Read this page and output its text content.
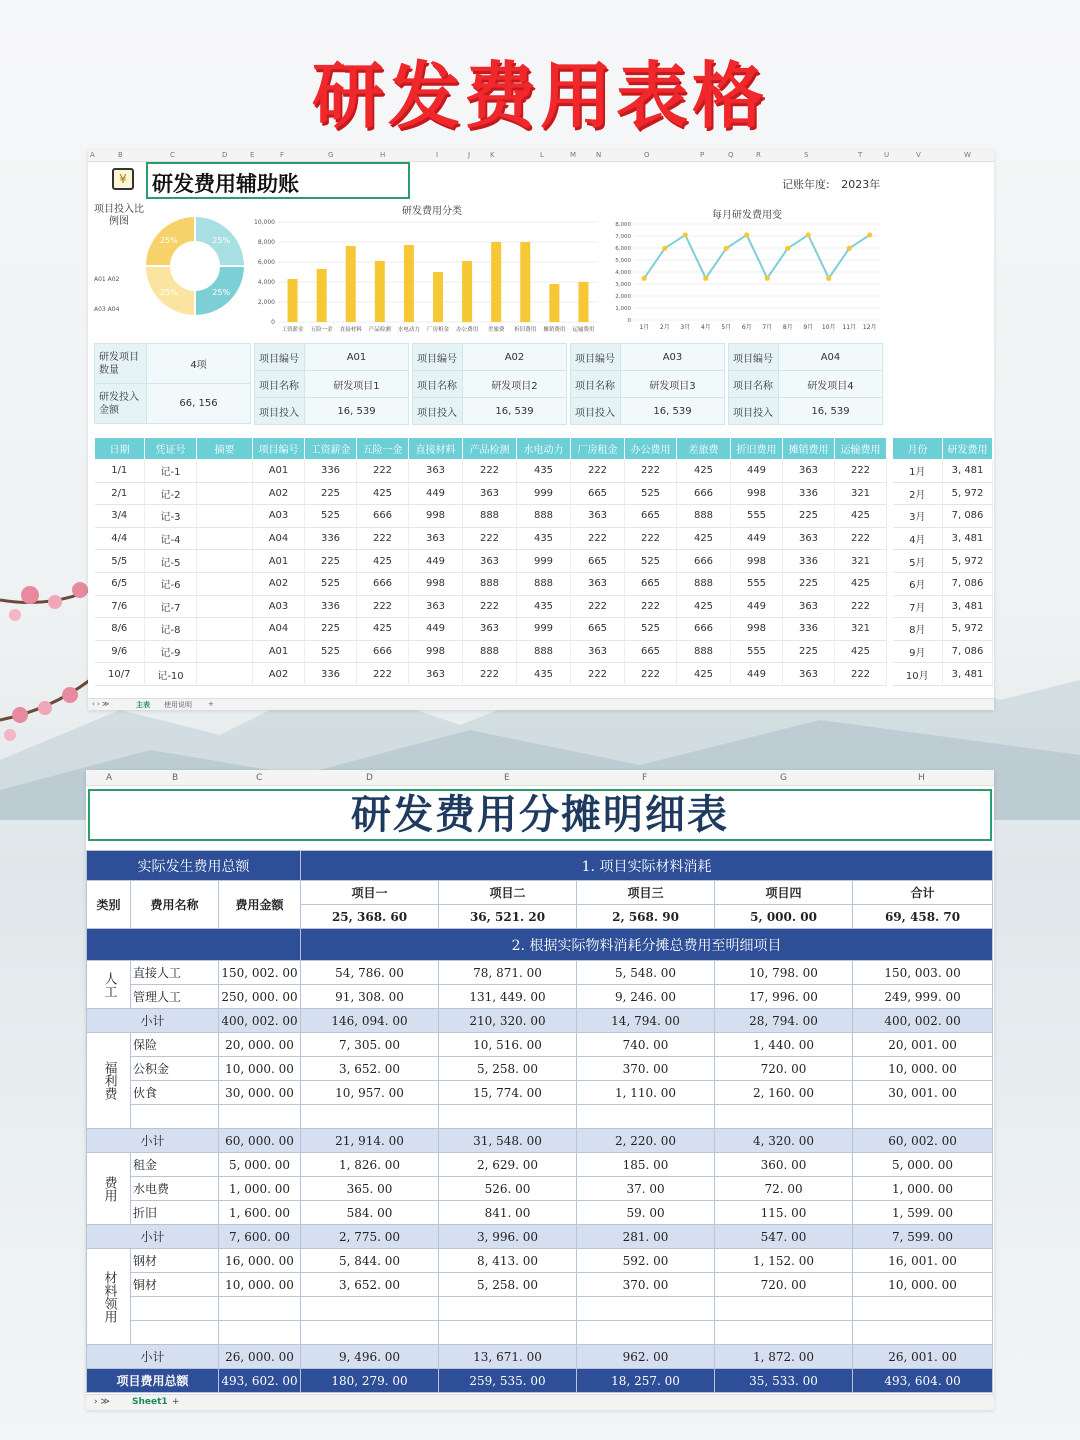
研发费用表格
A	B	C	D	E	F	G	H	I	J	K	L	M	N	O	P	Q	R	S	T	U	V	W
¥	研发费用辅助账	记账年度: 2023年
项目投入比例图
25%
25%
25%
25%
A01 A02
A03 A04
研发费用分类
0
2,000
4,000
6,000
8,000
10,000
工资薪金 五险一金 直接材料 产品检测 水电动力 厂房租金 办公费用 差旅费 折旧费用 摊销费用 运输费用
每月研发费用变
0
1,000
2,000
3,000
4,000
5,000
6,000
7,000
8,000
1月 2月 3月 4月 5月 6月 7月 8月 9月 10月 11月 12月
研发项目数量	4项
研发投入金额	66, 156
项目编号	A01
项目名称	研发项目1
项目投入	16, 539
项目编号	A02
项目名称	研发项目2
项目投入	16, 539
项目编号	A03
项目名称	研发项目3
项目投入	16, 539
项目编号	A04
项目名称	研发项目4
项目投入	16, 539
日期	凭证号	摘要	项目编号	工资薪金	五险一金	直接材料	产品检测	水电动力	厂房租金	办公费用	差旅费	折旧费用	摊销费用	运输费用
1/1	记-1		A01	336	222	363	222	435	222	222	425	449	363	222
2/1	记-2		A02	225	425	449	363	999	665	525	666	998	336	321
3/4	记-3		A03	525	666	998	888	888	363	665	888	555	225	425
4/4	记-4		A04	336	222	363	222	435	222	222	425	449	363	222
5/5	记-5		A01	225	425	449	363	999	665	525	666	998	336	321
6/5	记-6		A02	525	666	998	888	888	363	665	888	555	225	425
7/6	记-7		A03	336	222	363	222	435	222	222	425	449	363	222
8/6	记-8		A04	225	425	449	363	999	665	525	666	998	336	321
9/6	记-9		A01	525	666	998	888	888	363	665	888	555	225	425
10/7	记-10		A02	336	222	363	222	435	222	222	425	449	363	222
月份	研发费用
1月	3, 481
2月	5, 972
3月	7, 086
4月	3, 481
5月	5, 972
6月	7, 086
7月	3, 481
8月	5, 972
9月	7, 086
10月	3, 481
‹ › ≫	主表 使用说明 +
A	B	C	D	E	F	G	H
研发费用分摊明细表
实际发生费用总额			1. 项目实际材料消耗				
类别	费用名称	费用金额	项目一	项目二	项目三	项目四	合计
			25, 368. 60	36, 521. 20	2, 568. 90	5, 000. 00	69, 458. 70
			2. 根据实际物料消耗分摊总费用至明细项目				
人工	直接人工	150, 002. 00	54, 786. 00	78, 871. 00	5, 548. 00	10, 798. 00	150, 003. 00
	管理人工	250, 000. 00	91, 308. 00	131, 449. 00	9, 246. 00	17, 996. 00	249, 999. 00
小计		400, 002. 00	146, 094. 00	210, 320. 00	14, 794. 00	28, 794. 00	400, 002. 00
福利费	保险	20, 000. 00	7, 305. 00	10, 516. 00	740. 00	1, 440. 00	20, 001. 00
	公积金	10, 000. 00	3, 652. 00	5, 258. 00	370. 00	720. 00	10, 000. 00
	伙食	30, 000. 00	10, 957. 00	15, 774. 00	1, 110. 00	2, 160. 00	30, 001. 00

小计		60, 000. 00	21, 914. 00	31, 548. 00	2, 220. 00	4, 320. 00	60, 002. 00
费用	租金	5, 000. 00	1, 826. 00	2, 629. 00	185. 00	360. 00	5, 000. 00
	水电费	1, 000. 00	365. 00	526. 00	37. 00	72. 00	1, 000. 00
	折旧	1, 600. 00	584. 00	841. 00	59. 00	115. 00	1, 599. 00
小计		7, 600. 00	2, 775. 00	3, 996. 00	281. 00	547. 00	7, 599. 00
材料领用	钢材	16, 000. 00	5, 844. 00	8, 413. 00	592. 00	1, 152. 00	16, 001. 00
	铜材	10, 000. 00	3, 652. 00	5, 258. 00	370. 00	720. 00	10, 000. 00

小计		26, 000. 00	9, 496. 00	13, 671. 00	962. 00	1, 872. 00	26, 001. 00
项目费用总额		493, 602. 00	180, 279. 00	259, 535. 00	18, 257. 00	35, 533. 00	493, 604. 00
› ≫ Sheet1 +
